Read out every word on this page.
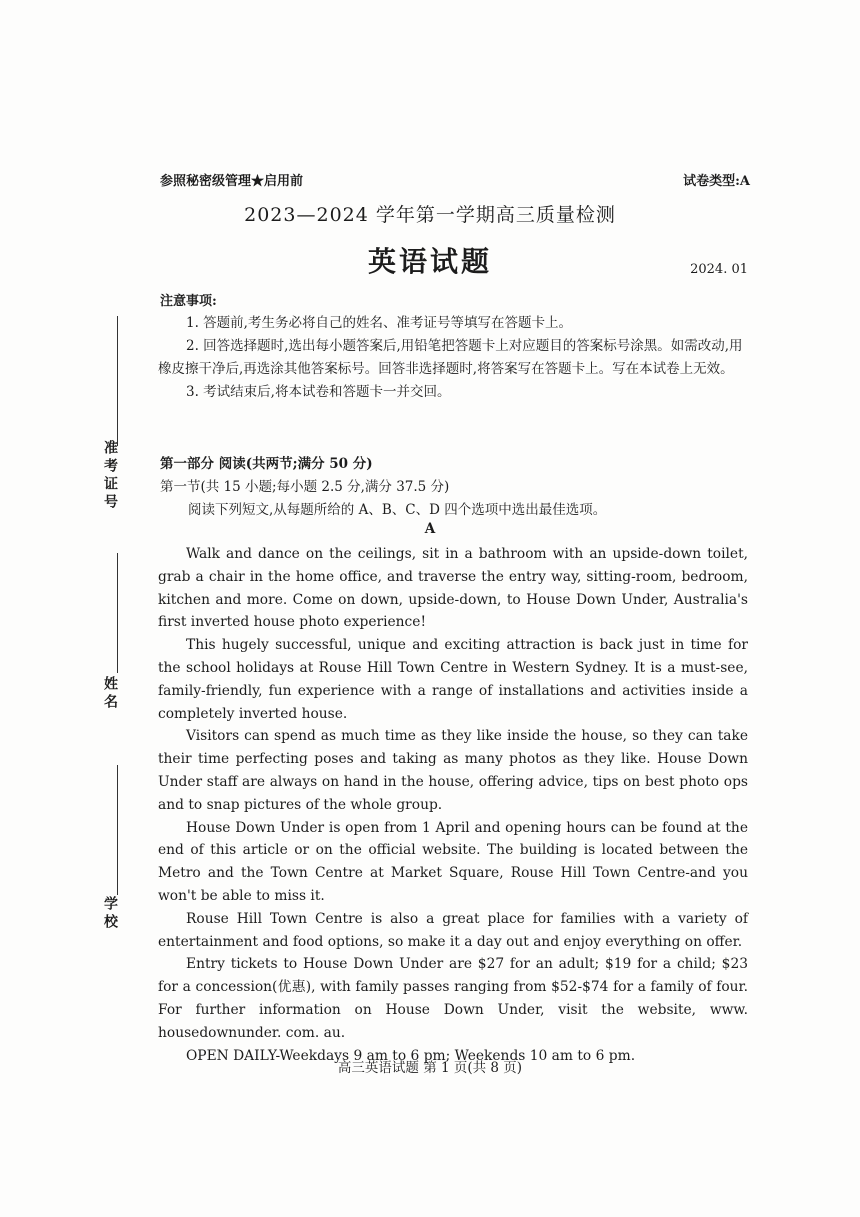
准考证号
姓名
学校
参照秘密级管理★启用前	试卷类型:A
2023—2024 学年第一学期高三质量检测
英语试题	2024. 01
注意事项:

1. 答题前,考生务必将自己的姓名、准考证号等填写在答题卡上。

2. 回答选择题时,选出每小题答案后,用铅笔把答题卡上对应题目的答案标号涂黑。如需改动,用橡皮擦干净后,再选涂其他答案标号。回答非选择题时,将答案写在答题卡上。写在本试卷上无效。

3. 考试结束后,将本试卷和答题卡一并交回。

第一部分 阅读(共两节;满分 50 分)
第一节(共 15 小题;每小题 2.5 分,满分 37.5 分)
阅读下列短文,从每题所给的 A、B、C、D 四个选项中选出最佳选项。
A

Walk and dance on the ceilings, sit in a bathroom with an upside-down toilet, grab a chair in the home office, and traverse the entry way, sitting-room, bedroom, kitchen and more. Come on down, upside-down, to House Down Under, Australia's first inverted house photo experience!

This hugely successful, unique and exciting attraction is back just in time for the school holidays at Rouse Hill Town Centre in Western Sydney. It is a must-see, family-friendly, fun experience with a range of installations and activities inside a completely inverted house.

Visitors can spend as much time as they like inside the house, so they can take their time perfecting poses and taking as many photos as they like. House Down Under staff are always on hand in the house, offering advice, tips on best photo ops and to snap pictures of the whole group.

House Down Under is open from 1 April and opening hours can be found at the end of this article or on the official website. The building is located between the Metro and the Town Centre at Market Square, Rouse Hill Town Centre-and you won't be able to miss it.

Rouse Hill Town Centre is also a great place for families with a variety of entertainment and food options, so make it a day out and enjoy everything on offer.

Entry tickets to House Down Under are $27 for an adult; $19 for a child; $23 for a concession(优惠), with family passes ranging from $52-$74 for a family of four. For further information on House Down Under, visit the website, www. housedownunder. com. au.

OPEN DAILY-Weekdays 9 am to 6 pm; Weekends 10 am to 6 pm.

高三英语试题 第 1 页(共 8 页)
